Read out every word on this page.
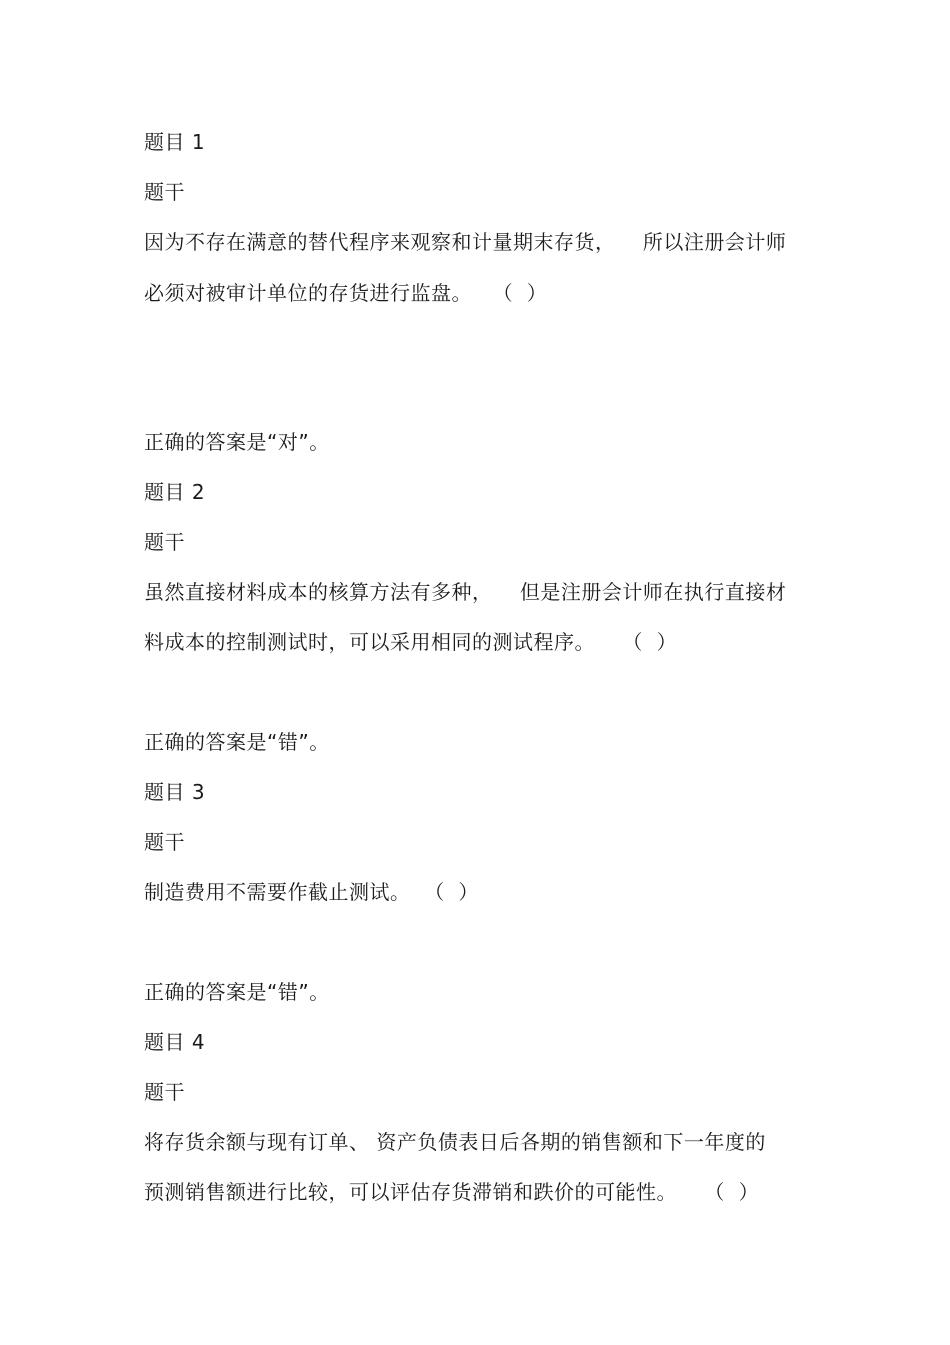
题目 1
题干
因为不存在满意的替代程序来观察和计量期末存货，    所以注册会计师
必须对被审计单位的存货进行监盘。   （  ）
正确的答案是“对”。
题目 2
题干
虽然直接材料成本的核算方法有多种，    但是注册会计师在执行直接材
料成本的控制测试时，可以采用相同的测试程序。    （  ）
正确的答案是“错”。
题目 3
题干
制造费用不需要作截止测试。  （  ）
正确的答案是“错”。
题目 4
题干
将存货余额与现有订单、 资产负债表日后各期的销售额和下一年度的
预测销售额进行比较，可以评估存货滞销和跌价的可能性。    （  ）
